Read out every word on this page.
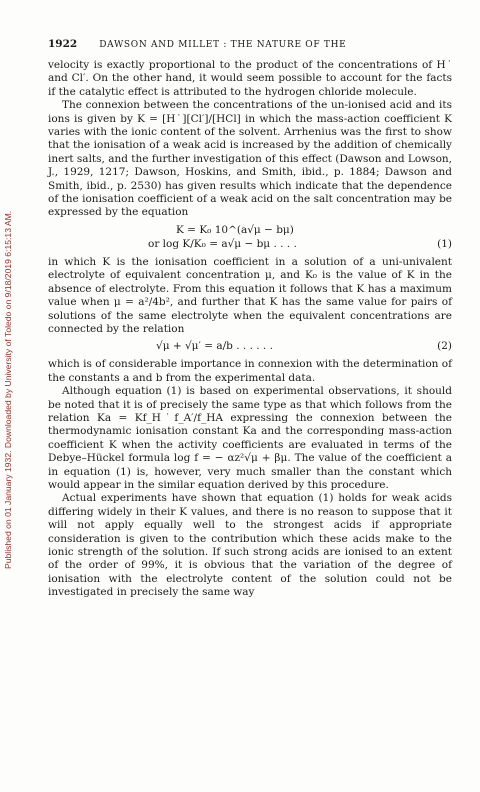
Published on 01 January 1932. Downloaded by University of Toledo on 9/18/2019 6:15:13 AM.
1922 DAWSON AND MILLET : THE NATURE OF THE

velocity is exactly proportional to the product of the concentrations of H˙ and Cl′. On the other hand, it would seem possible to account for the facts if the catalytic effect is attributed to the hydrogen chloride molecule.

The connexion between the concentrations of the un-ionised acid and its ions is given by K = [H˙][Cl′]/[HCl] in which the mass-action coefficient K varies with the ionic content of the solvent. Arrhenius was the first to show that the ionisation of a weak acid is increased by the addition of chemically inert salts, and the further investigation of this effect (Dawson and Lowson, J., 1929, 1217; Dawson, Hoskins, and Smith, ibid., p. 1884; Dawson and Smith, ibid., p. 2530) has given results which indicate that the dependence of the ionisation coefficient of a weak acid on the salt concentration may be expressed by the equation

K = K₀ 10^(a√μ − bμ)
or log K/K₀ = a√μ − bμ . . . .	(1)

in which K is the ionisation coefficient in a solution of a uni-univalent electrolyte of equivalent concentration μ, and K₀ is the value of K in the absence of electrolyte. From this equation it follows that K has a maximum value when μ = a²/4b², and further that K has the same value for pairs of solutions of the same electrolyte when the equivalent concentrations are connected by the relation

√μ + √μ′ = a/b . . . . . .	(2)

which is of considerable importance in connexion with the determination of the constants a and b from the experimental data.

Although equation (1) is based on experimental observations, it should be noted that it is of precisely the same type as that which follows from the relation Ka = Kf_H˙f_A′/f_HA expressing the connexion between the thermodynamic ionisation constant Ka and the corresponding mass-action coefficient K when the activity coefficients are evaluated in terms of the Debye–Hückel formula log f = − αz²√μ + βμ. The value of the coefficient a in equation (1) is, however, very much smaller than the constant which would appear in the similar equation derived by this procedure.

Actual experiments have shown that equation (1) holds for weak acids differing widely in their K values, and there is no reason to suppose that it will not apply equally well to the strongest acids if appropriate consideration is given to the contribution which these acids make to the ionic strength of the solution. If such strong acids are ionised to an extent of the order of 99%, it is obvious that the variation of the degree of ionisation with the electrolyte content of the solution could not be investigated in precisely the same way
